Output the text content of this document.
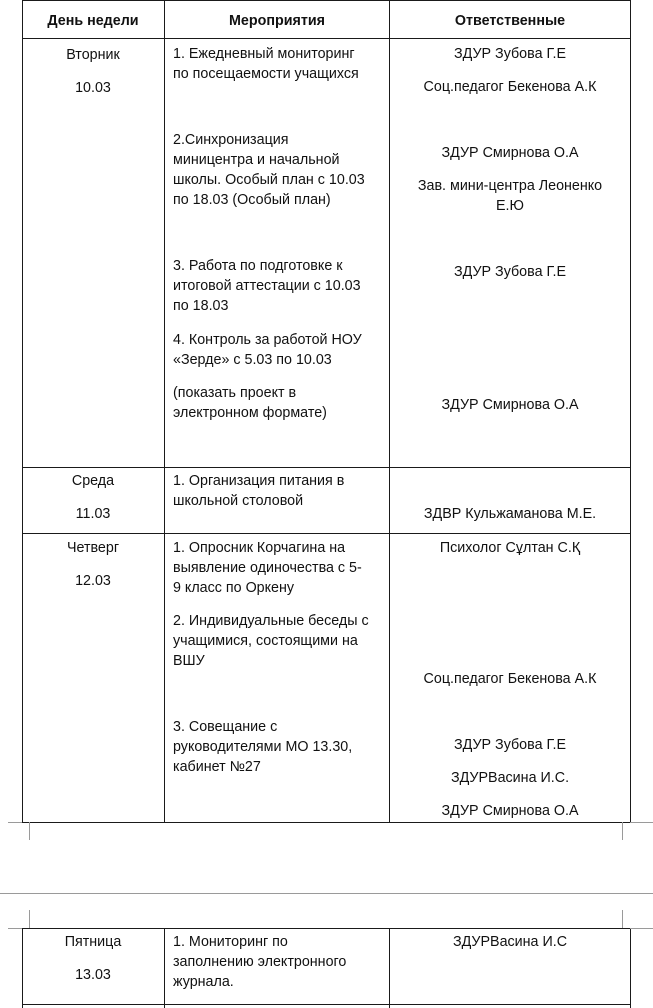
День недели	Мероприятия	Ответственные
Вторник
10.03
1. Ежедневный мониторинг
по посещаемости учащихся
2.Синхронизация
миницентра и начальной
школы. Особый план с 10.03
по 18.03 (Особый план)
3. Работа по подготовке к
итоговой аттестации с 10.03
по 18.03
4. Контроль за работой НОУ
«Зерде» с 5.03 по 10.03
(показать проект в
электронном формате)
ЗДУР Зубова Г.Е
Соц.педагог Бекенова А.К
ЗДУР Смирнова О.А
Зав. мини-центра Леоненко
Е.Ю
ЗДУР Зубова Г.Е
ЗДУР Смирнова О.А
Среда
11.03
1. Организация питания в
школьной столовой
ЗДВР Кульжаманова М.Е.
Четверг
12.03
1. Опросник Корчагина на
выявление одиночества с 5-
9 класс по Оркену
2. Индивидуальные беседы с
учащимися, состоящими на
ВШУ
3. Совещание с
руководителями МО 13.30,
кабинет №27
Психолог Сұлтан С.Қ
Соц.педагог Бекенова А.К
ЗДУР Зубова Г.Е
ЗДУРВасина И.С.
ЗДУР Смирнова О.А
Пятница
13.03
1. Мониторинг по
заполнению электронного
журнала.
ЗДУРВасина И.С
